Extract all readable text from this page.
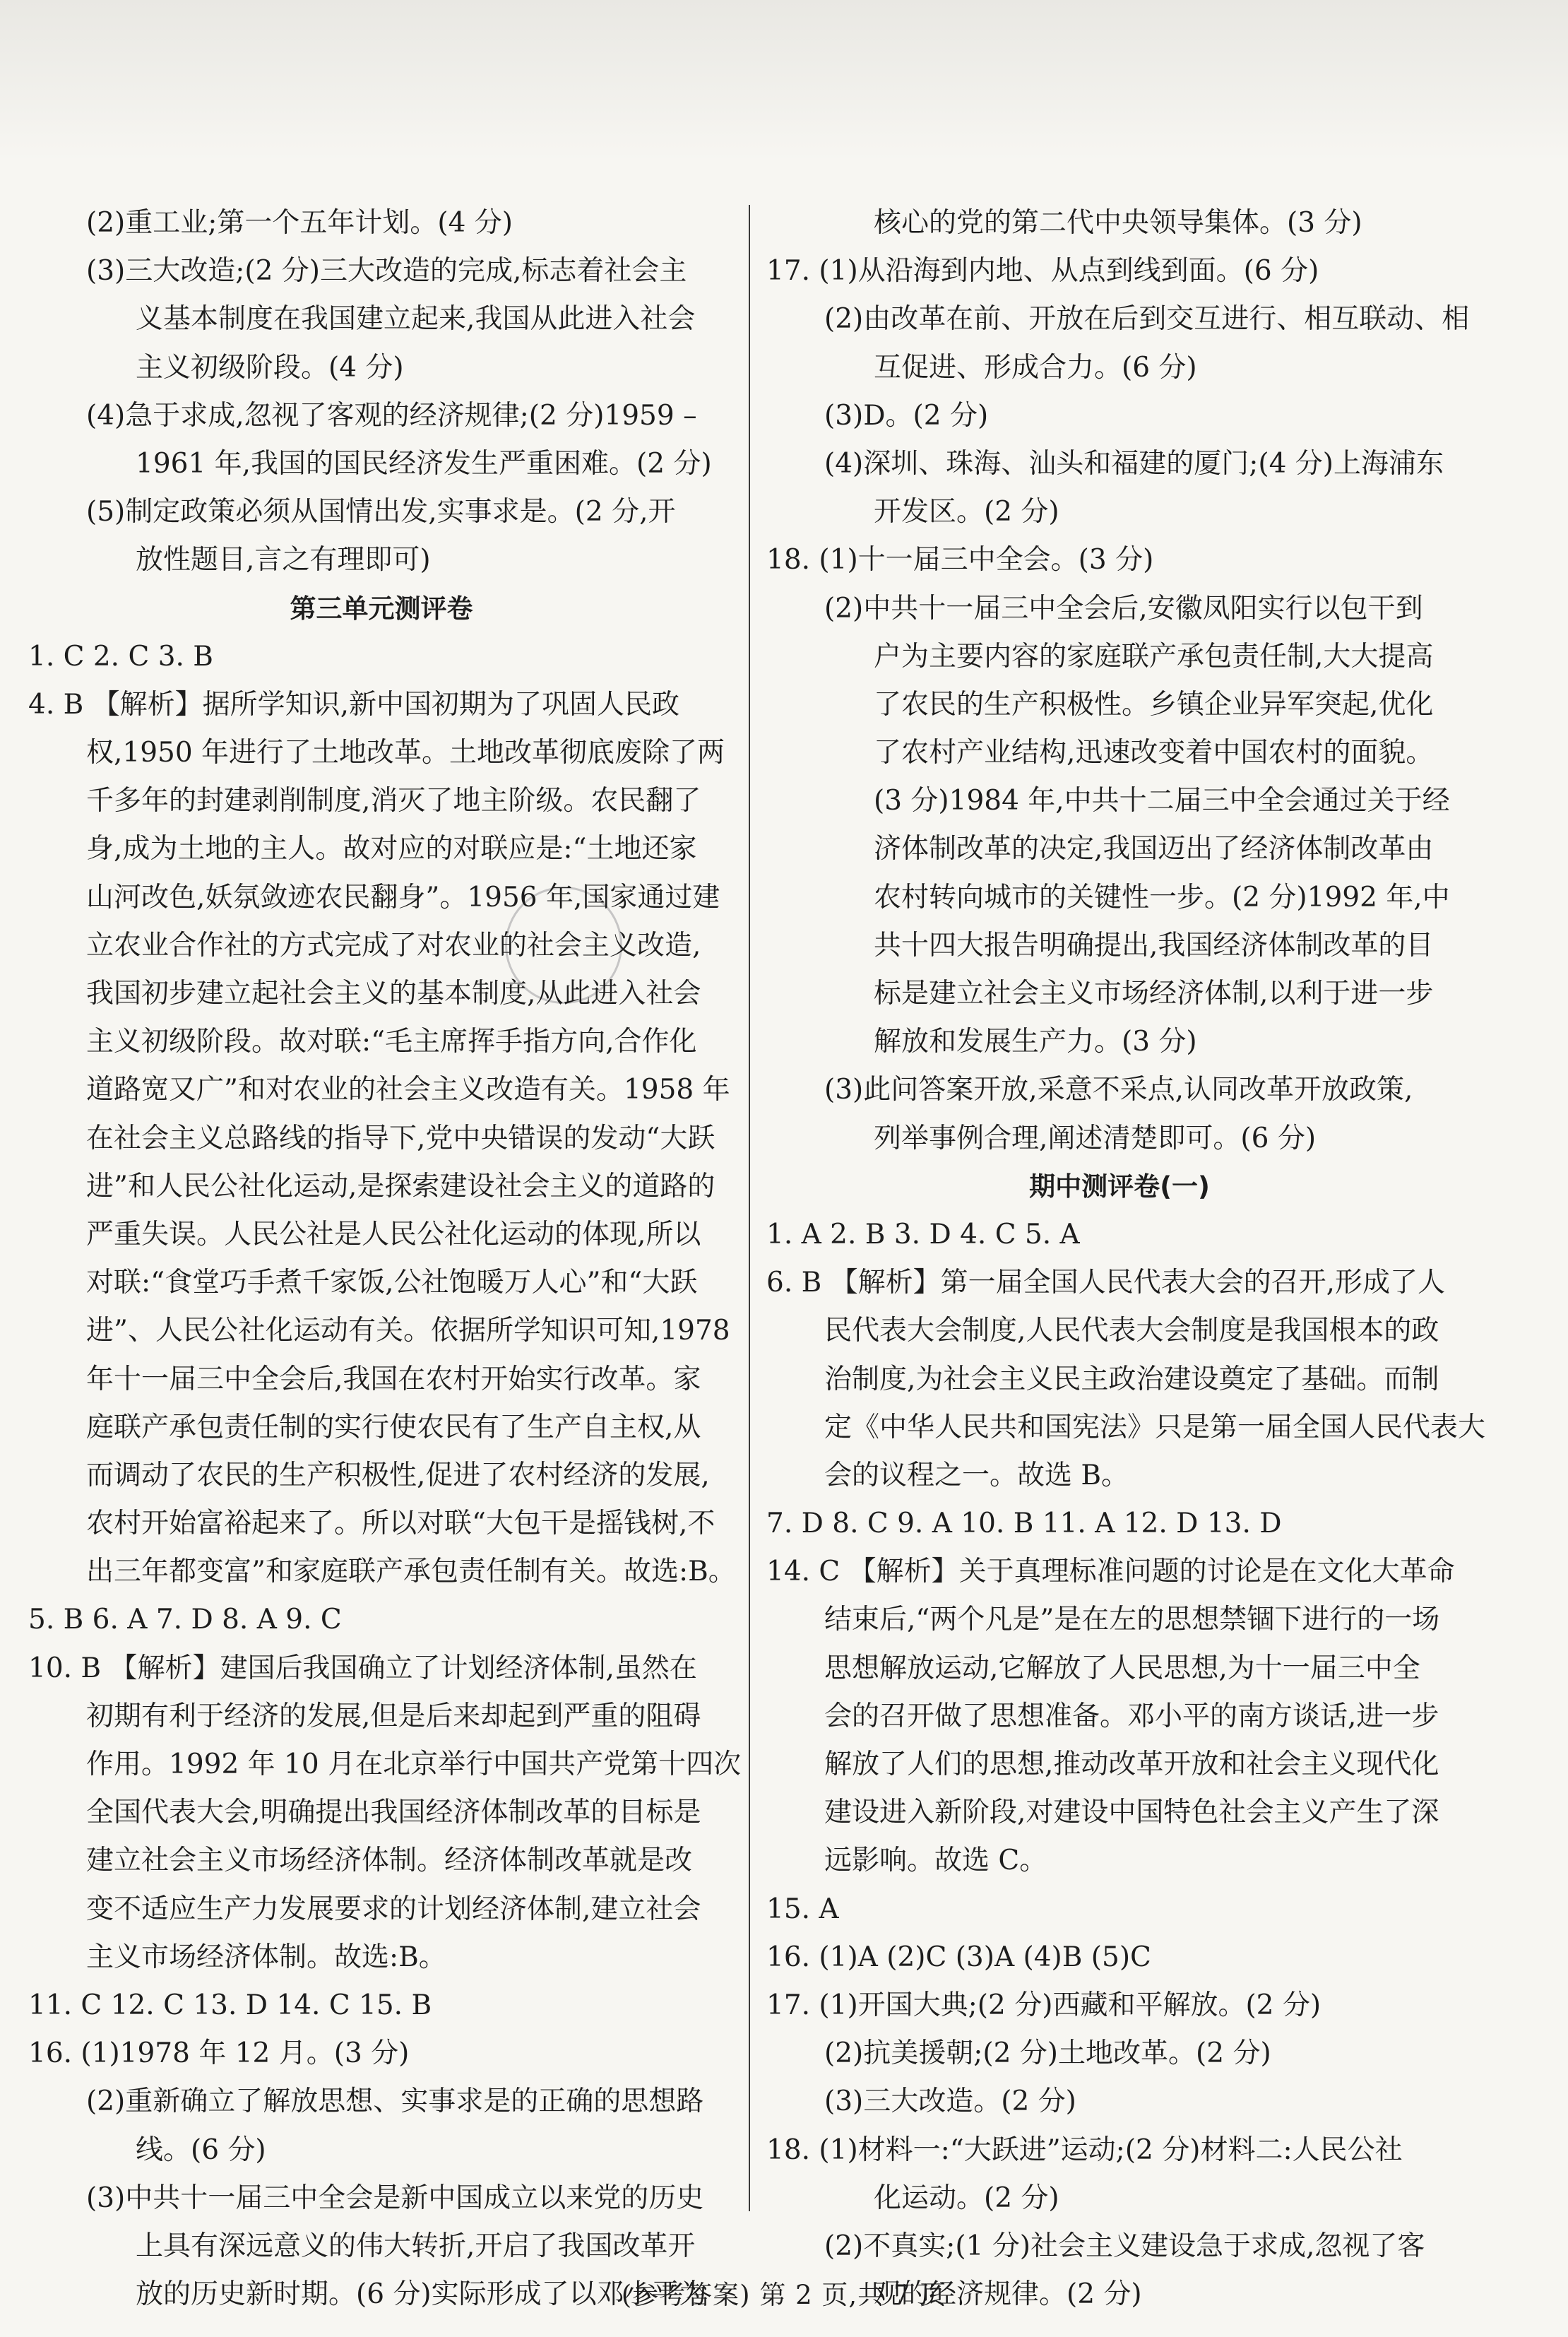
(2)重工业;第一个五年计划。(4 分)
(3)三大改造;(2 分)三大改造的完成,标志着社会主
义基本制度在我国建立起来,我国从此进入社会
主义初级阶段。(4 分)
(4)急于求成,忽视了客观的经济规律;(2 分)1959 –
1961 年,我国的国民经济发生严重困难。(2 分)
(5)制定政策必须从国情出发,实事求是。(2 分,开
放性题目,言之有理即可)
第三单元测评卷
1. C 2. C 3. B
4. B 【解析】据所学知识,新中国初期为了巩固人民政
权,1950 年进行了土地改革。土地改革彻底废除了两
千多年的封建剥削制度,消灭了地主阶级。农民翻了
身,成为土地的主人。故对应的对联应是:“土地还家
山河改色,妖氛敛迹农民翻身”。1956 年,国家通过建
立农业合作社的方式完成了对农业的社会主义改造,
我国初步建立起社会主义的基本制度,从此进入社会
主义初级阶段。故对联:“毛主席挥手指方向,合作化
道路宽又广”和对农业的社会主义改造有关。1958 年
在社会主义总路线的指导下,党中央错误的发动“大跃
进”和人民公社化运动,是探索建设社会主义的道路的
严重失误。人民公社是人民公社化运动的体现,所以
对联:“食堂巧手煮千家饭,公社饱暖万人心”和“大跃
进”、人民公社化运动有关。依据所学知识可知,1978
年十一届三中全会后,我国在农村开始实行改革。家
庭联产承包责任制的实行使农民有了生产自主权,从
而调动了农民的生产积极性,促进了农村经济的发展,
农村开始富裕起来了。所以对联“大包干是摇钱树,不
出三年都变富”和家庭联产承包责任制有关。故选:B。
5. B 6. A 7. D 8. A 9. C
10. B 【解析】建国后我国确立了计划经济体制,虽然在
初期有利于经济的发展,但是后来却起到严重的阻碍
作用。1992 年 10 月在北京举行中国共产党第十四次
全国代表大会,明确提出我国经济体制改革的目标是
建立社会主义市场经济体制。经济体制改革就是改
变不适应生产力发展要求的计划经济体制,建立社会
主义市场经济体制。故选:B。
11. C 12. C 13. D 14. C 15. B
16. (1)1978 年 12 月。(3 分)
(2)重新确立了解放思想、实事求是的正确的思想路
线。(6 分)
(3)中共十一届三中全会是新中国成立以来党的历史
上具有深远意义的伟大转折,开启了我国改革开
放的历史新时期。(6 分)实际形成了以邓小平为
核心的党的第二代中央领导集体。(3 分)
17. (1)从沿海到内地、从点到线到面。(6 分)
(2)由改革在前、开放在后到交互进行、相互联动、相
互促进、形成合力。(6 分)
(3)D。(2 分)
(4)深圳、珠海、汕头和福建的厦门;(4 分)上海浦东
开发区。(2 分)
18. (1)十一届三中全会。(3 分)
(2)中共十一届三中全会后,安徽凤阳实行以包干到
户为主要内容的家庭联产承包责任制,大大提高
了农民的生产积极性。乡镇企业异军突起,优化
了农村产业结构,迅速改变着中国农村的面貌。
(3 分)1984 年,中共十二届三中全会通过关于经
济体制改革的决定,我国迈出了经济体制改革由
农村转向城市的关键性一步。(2 分)1992 年,中
共十四大报告明确提出,我国经济体制改革的目
标是建立社会主义市场经济体制,以利于进一步
解放和发展生产力。(3 分)
(3)此问答案开放,采意不采点,认同改革开放政策,
列举事例合理,阐述清楚即可。(6 分)
期中测评卷(一)
1. A 2. B 3. D 4. C 5. A
6. B 【解析】第一届全国人民代表大会的召开,形成了人
民代表大会制度,人民代表大会制度是我国根本的政
治制度,为社会主义民主政治建设奠定了基础。而制
定《中华人民共和国宪法》只是第一届全国人民代表大
会的议程之一。故选 B。
7. D 8. C 9. A 10. B 11. A 12. D 13. D
14. C 【解析】关于真理标准问题的讨论是在文化大革命
结束后,“两个凡是”是在左的思想禁锢下进行的一场
思想解放运动,它解放了人民思想,为十一届三中全
会的召开做了思想准备。邓小平的南方谈话,进一步
解放了人们的思想,推动改革开放和社会主义现代化
建设进入新阶段,对建设中国特色社会主义产生了深
远影响。故选 C。
15. A
16. (1)A (2)C (3)A (4)B (5)C
17. (1)开国大典;(2 分)西藏和平解放。(2 分)
(2)抗美援朝;(2 分)土地改革。(2 分)
(3)三大改造。(2 分)
18. (1)材料一:“大跃进”运动;(2 分)材料二:人民公社
化运动。(2 分)
(2)不真实;(1 分)社会主义建设急于求成,忽视了客
观的经济规律。(2 分)
(参考答案) 第 2 页,共 7 页
